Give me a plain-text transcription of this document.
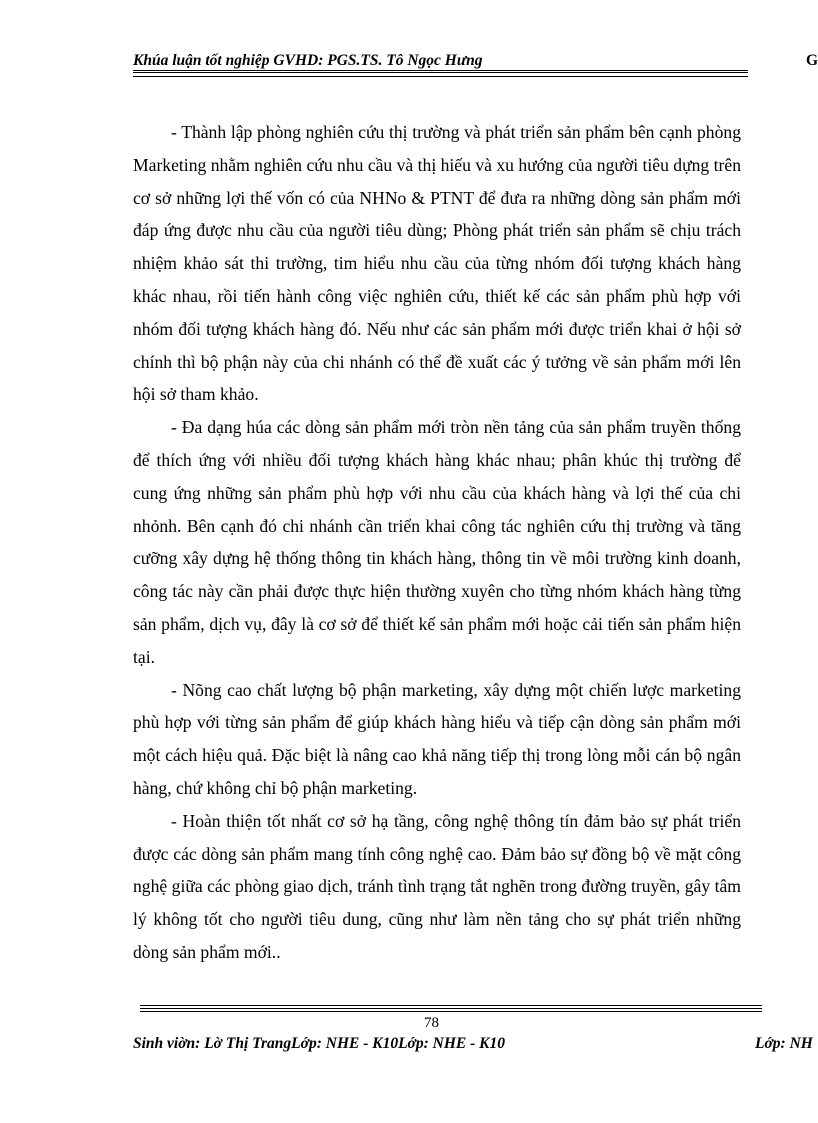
Khúa luận tốt nghiệp GVHD: PGS.TS. Tô Ngọc Hưng	G

- Thành lập phòng nghiên cứu thị trường và phát triển sản phẩm bên cạnh phòng Marketing nhằm nghiên cứu nhu cầu và thị hiếu và xu hướng của người tiêu dựng trên cơ sở những lợi thế vốn có của NHNo & PTNT để đưa ra những dòng sản phẩm mới đáp ứng được nhu cầu của người tiêu dùng; Phòng phát triển sản phẩm sẽ chịu trách nhiệm khảo sát thi trường, tim hiểu nhu cầu của từng nhóm đối tượng khách hàng khác nhau, rồi tiến hành công việc nghiên cứu, thiết kế các sản phẩm phù hợp với nhóm đối tượng khách hàng đó. Nếu như các sản phẩm mới được triển khai ở hội sở chính thì bộ phận này của chi nhánh có thể đề xuất các ý tưởng về sản phẩm mới lên hội sở tham khảo.

- Đa dạng húa các dòng sản phẩm mới tròn nền tảng của sản phẩm truyền thống để thích ứng với nhiều đối tượng khách hàng khác nhau; phân khúc thị trường để cung ứng những sản phẩm phù hợp với nhu cầu của khách hàng và lợi thế của chi nhỏnh. Bên cạnh đó chi nhánh cần triển khai công tác nghiên cứu thị trường và tăng cưỡng xây dựng hệ thống thông tin khách hàng, thông tin về môi trường kinh doanh, công tác này cần phải được thực hiện thường xuyên cho từng nhóm khách hàng từng sản phẩm, dịch vụ, đây là cơ sở để thiết kế sản phẩm mới hoặc cải tiến sản phẩm hiện tại.

- Nõng cao chất lượng bộ phận marketing, xây dựng một chiến lược marketing phù hợp với từng sản phẩm để giúp khách hàng hiểu và tiếp cận dòng sản phẩm mới một cách hiệu quả. Đặc biệt là nâng cao khả năng tiếp thị trong lòng mỗi cán bộ ngân hàng, chứ không chỉ bộ phận marketing.

- Hoàn thiện tốt nhất cơ sở hạ tầng, công nghệ thông tín đảm bảo sự phát triển được các dòng sản phẩm mang tính công nghệ cao. Đảm bảo sự đồng bộ về mặt công nghệ giữa các phòng giao dịch, tránh tình trạng tắt nghẽn trong đường truyền, gây tâm lý không tốt cho người tiêu dung, cũng như làm nền tảng cho sự phát triển những dòng sản phẩm mới..

78
Sinh viờn: Lờ Thị TrangLớp: NHE - K10Lớp: NHE - K10	Lớp: NH
